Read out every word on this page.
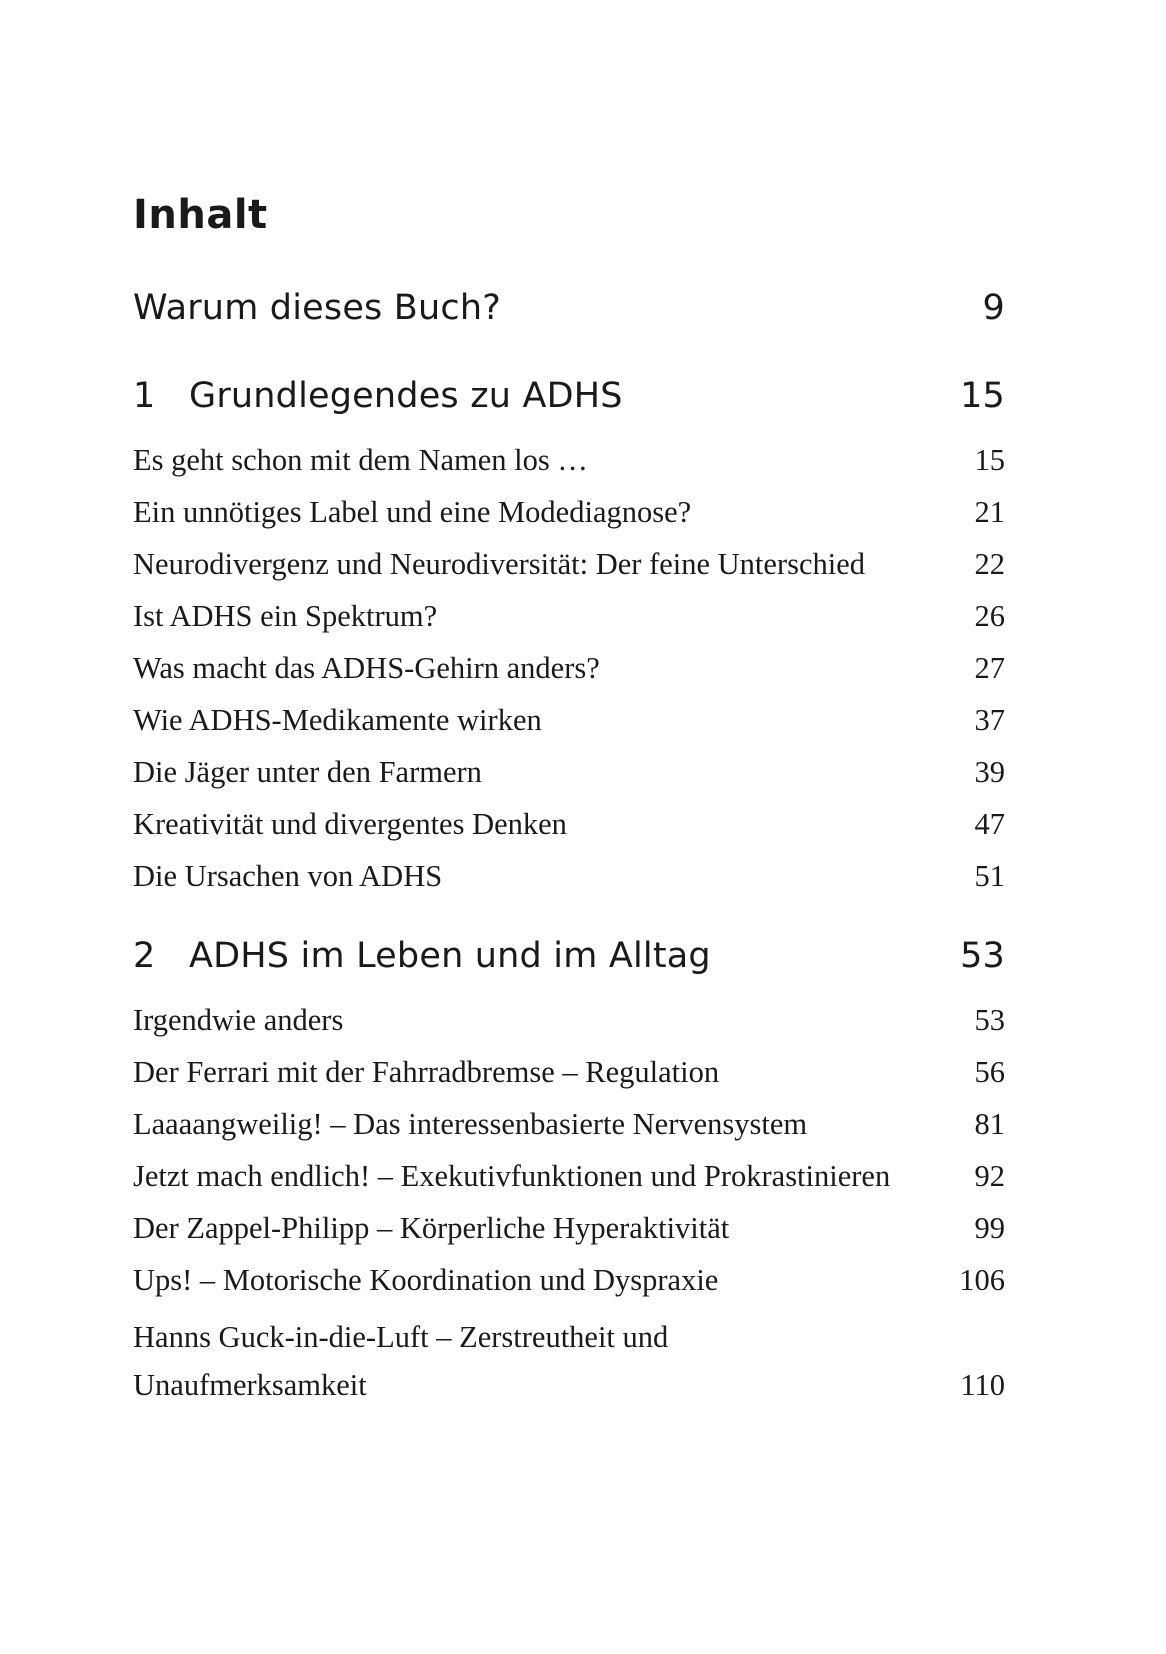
Inhalt
Warum dieses Buch?	9
1 Grundlegendes zu ADHS	15
Es geht schon mit dem Namen los …	15
Ein unnötiges Label und eine Modediagnose?	21
Neurodivergenz und Neurodiversität: Der feine Unterschied	22
Ist ADHS ein Spektrum?	26
Was macht das ADHS-Gehirn anders?	27
Wie ADHS-Medikamente wirken	37
Die Jäger unter den Farmern	39
Kreativität und divergentes Denken	47
Die Ursachen von ADHS	51
2 ADHS im Leben und im Alltag	53
Irgendwie anders	53
Der Ferrari mit der Fahrradbremse – Regulation	56
Laaaangweilig! – Das interessenbasierte Nervensystem	81
Jetzt mach endlich! – Exekutivfunktionen und Prokrastinieren	92
Der Zappel-Philipp – Körperliche Hyperaktivität	99
Ups! – Motorische Koordination und Dyspraxie	106
Hanns Guck-in-die-Luft – Zerstreutheit und Unaufmerksamkeit	110
